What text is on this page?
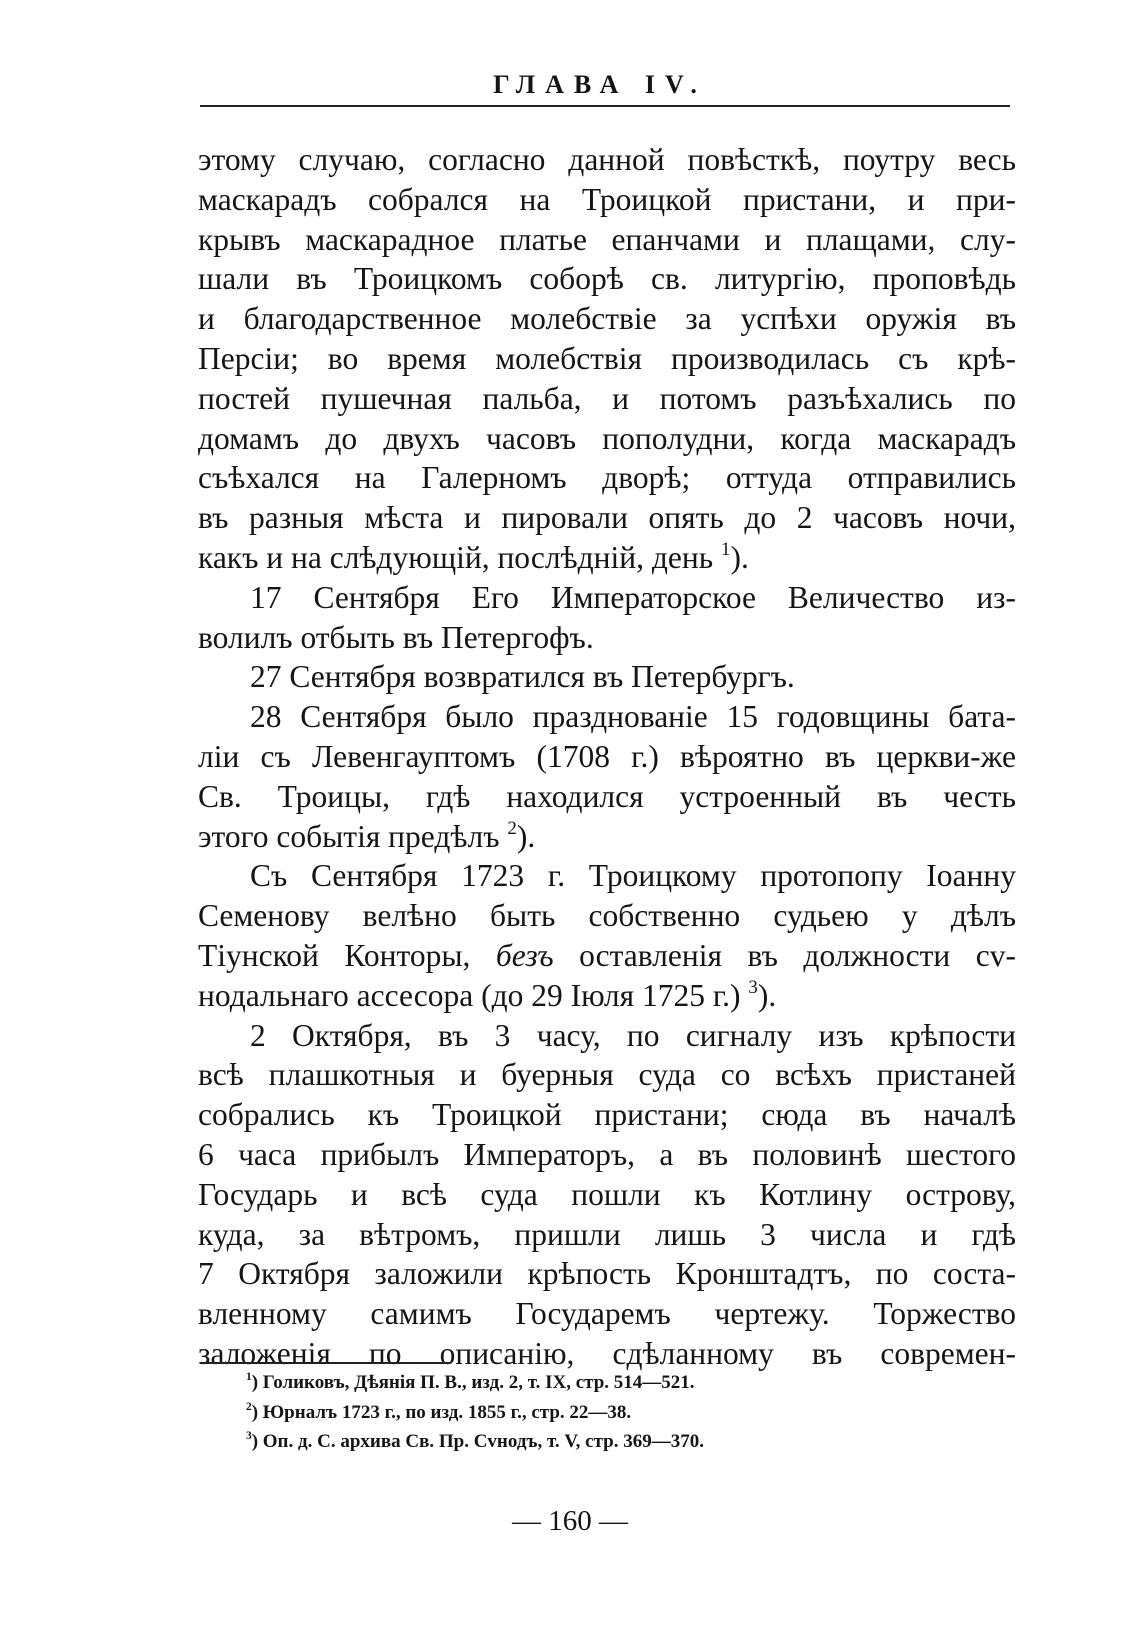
ГЛАВА IV.
этому случаю, согласно данной повѣсткѣ, поутру весь
маскарадъ собрался на Троицкой пристани, и при-
крывъ маскарадное платье епанчами и плащами, слу-
шали въ Троицкомъ соборѣ св. литургію, проповѣдь
и благодарственное молебствіе за успѣхи оружія въ
Персіи; во время молебствія производилась съ крѣ-
постей пушечная пальба, и потомъ разъѣхались по
домамъ до двухъ часовъ пополудни, когда маскарадъ
съѣхался на Галерномъ дворѣ; оттуда отправились
въ разныя мѣста и пировали опять до 2 часовъ ночи,
какъ и на слѣдующій, послѣдній, день $^1$).
17 Сентября Его Императорское Величество из-
волилъ отбыть въ Петергофъ.
27 Сентября возвратился въ Петербургъ.
28 Сентября было празднованіе 15 годовщины бата-
ліи съ Левенгауптомъ (1708 г.) вѣроятно въ церкви-же
Св. Троицы, гдѣ находился устроенный въ честь
этого событія предѣлъ $^2$).
Съ Сентября 1723 г. Троицкому протопопу Іоанну
Семенову велѣно быть собственно судьею у дѣлъ
Тіунской Конторы, безъ оставленія въ должности сv-
нодальнаго ассесора (до 29 Іюля 1725 г.) $^3$).
2 Октября, въ 3 часу, по сигналу изъ крѣпости
всѣ плашкотныя и буерныя суда со всѣхъ пристаней
собрались къ Троицкой пристани; сюда въ началѣ
6 часа прибылъ Императоръ, а въ половинѣ шестого
Государь и всѣ суда пошли къ Котлину острову,
куда, за вѣтромъ, пришли лишь 3 числа и гдѣ
7 Октября заложили крѣпость Кронштадтъ, по соста-
вленному самимъ Государемъ чертежу. Торжество
заложенія по описанію, сдѣланному въ современ-
$^1$) Голиковъ, Дѣянія П. В., изд. 2, т. IX, стр. 514—521.
$^2$) Юрналъ 1723 г., по изд. 1855 г., стр. 22—38.
$^3$) Оп. д. С. архива Св. Пр. Сvнодъ, т. V, стр. 369—370.
— 160 —
